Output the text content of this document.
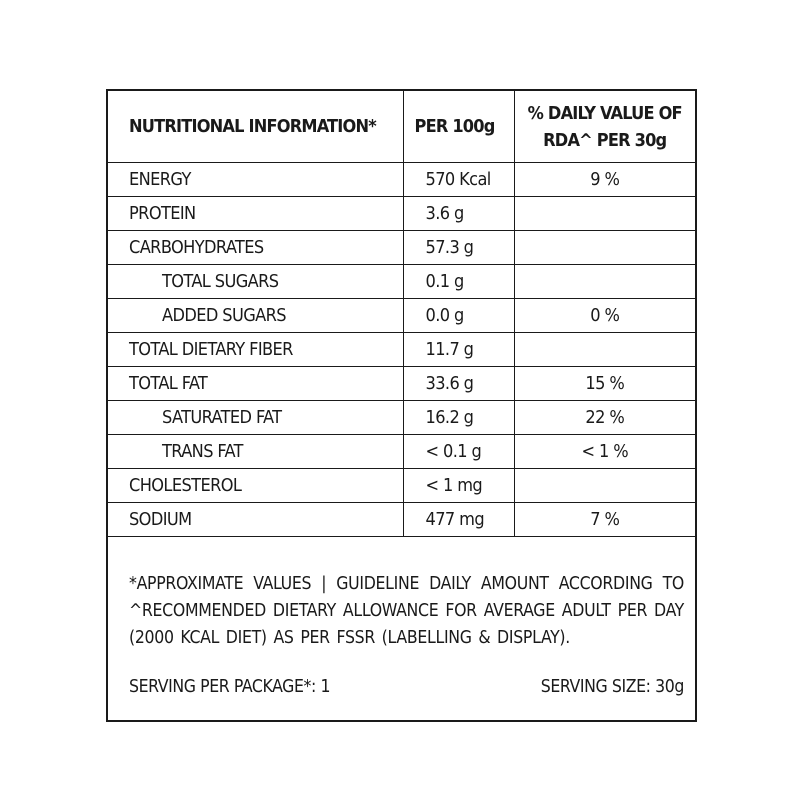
NUTRITIONAL INFORMATION*	PER 100g	% DAILY VALUE OF
RDA^ PER 30g
ENERGY	570 Kcal	9 %
PROTEIN	3.6 g	
CARBOHYDRATES	57.3 g	
TOTAL SUGARS	0.1 g	
ADDED SUGARS	0.0 g	0 %
TOTAL DIETARY FIBER	11.7 g	
TOTAL FAT	33.6 g	15 %
SATURATED FAT	16.2 g	22 %
TRANS FAT	< 0.1 g	< 1 %
CHOLESTEROL	< 1 mg	
SODIUM	477 mg	7 %
*APPROXIMATE VALUES | GUIDELINE DAILY AMOUNT ACCORDING TO
^RECOMMENDED DIETARY ALLOWANCE FOR AVERAGE ADULT PER DAY
(2000 KCAL DIET) AS PER FSSR (LABELLING & DISPLAY).
SERVING PER PACKAGE*: 1	SERVING SIZE: 30g
